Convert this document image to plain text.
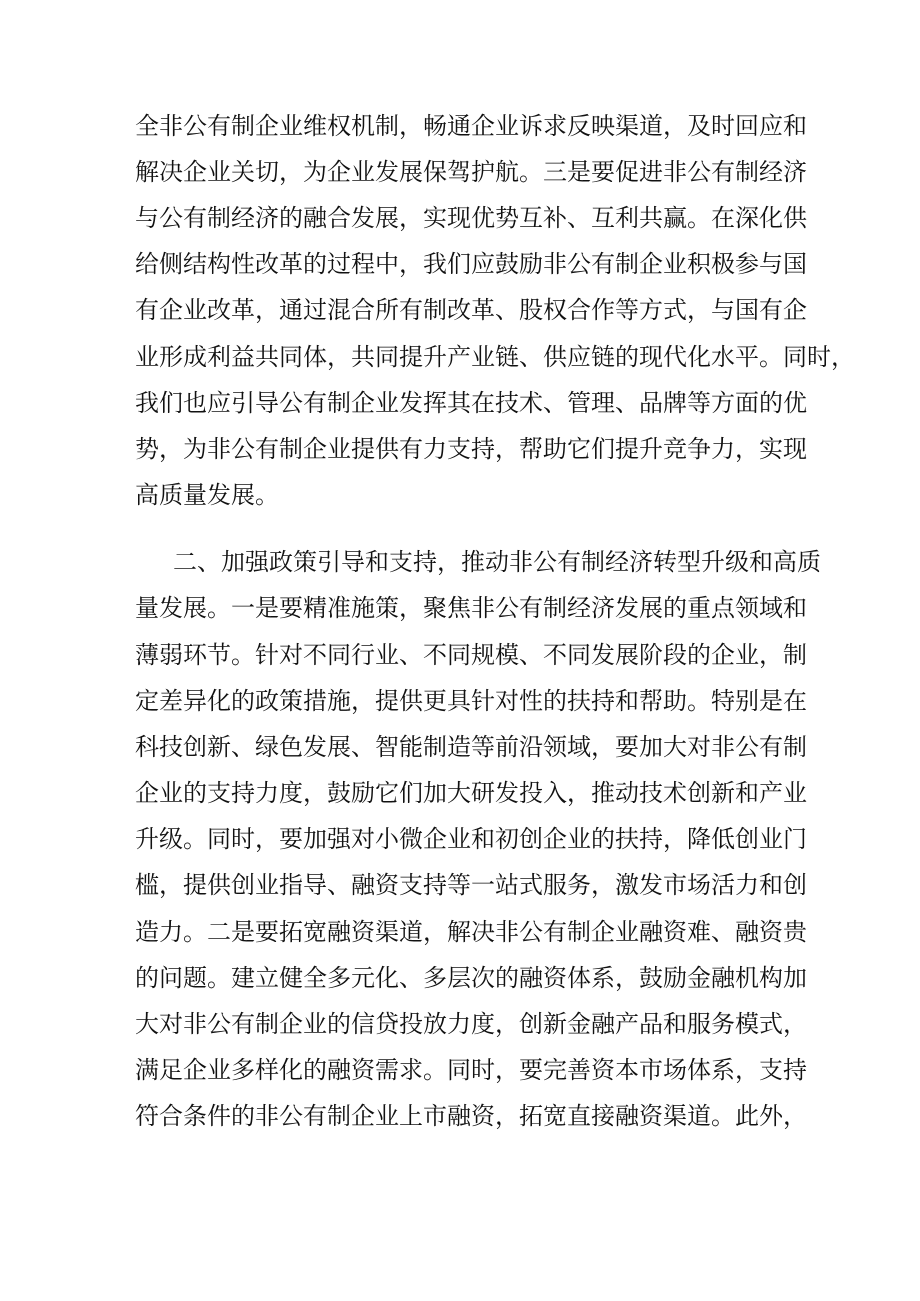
全非公有制企业维权机制，畅通企业诉求反映渠道，及时回应和
解决企业关切，为企业发展保驾护航。三是要促进非公有制经济
与公有制经济的融合发展，实现优势互补、互利共赢。在深化供
给侧结构性改革的过程中，我们应鼓励非公有制企业积极参与国
有企业改革，通过混合所有制改革、股权合作等方式，与国有企
业形成利益共同体，共同提升产业链、供应链的现代化水平。同时，
我们也应引导公有制企业发挥其在技术、管理、品牌等方面的优
势，为非公有制企业提供有力支持，帮助它们提升竞争力，实现
高质量发展。
二、加强政策引导和支持，推动非公有制经济转型升级和高质
量发展。一是要精准施策，聚焦非公有制经济发展的重点领域和
薄弱环节。针对不同行业、不同规模、不同发展阶段的企业，制
定差异化的政策措施，提供更具针对性的扶持和帮助。特别是在
科技创新、绿色发展、智能制造等前沿领域，要加大对非公有制
企业的支持力度，鼓励它们加大研发投入，推动技术创新和产业
升级。同时，要加强对小微企业和初创企业的扶持，降低创业门
槛，提供创业指导、融资支持等一站式服务，激发市场活力和创
造力。二是要拓宽融资渠道，解决非公有制企业融资难、融资贵
的问题。建立健全多元化、多层次的融资体系，鼓励金融机构加
大对非公有制企业的信贷投放力度，创新金融产品和服务模式，
满足企业多样化的融资需求。同时，要完善资本市场体系，支持
符合条件的非公有制企业上市融资，拓宽直接融资渠道。此外，
